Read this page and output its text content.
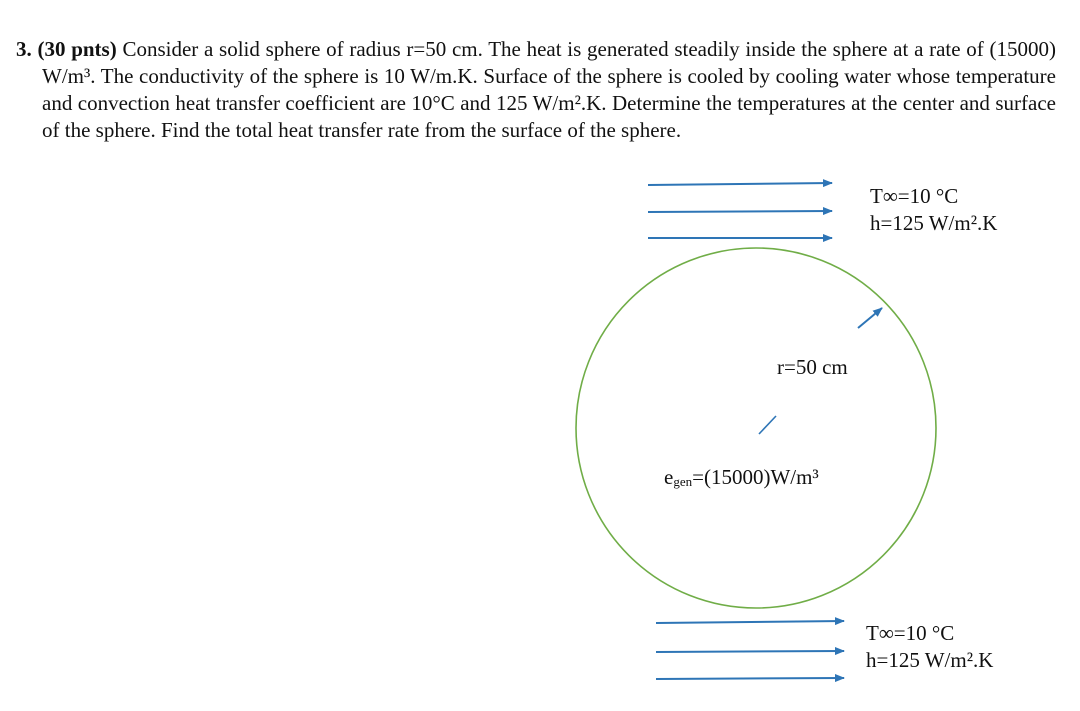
3. (30 pnts) Consider a solid sphere of radius r=50 cm. The heat is generated steadily inside the sphere at a rate of (15000) W/m³. The conductivity of the sphere is 10 W/m.K. Surface of the sphere is cooled by cooling water whose temperature and convection heat transfer coefficient are 10°C and 125 W/m².K. Determine the temperatures at the center and surface of the sphere. Find the total heat transfer rate from the surface of the sphere.
T∞=10 °C
h=125 W/m².K
r=50 cm
$e_{gen}=(15000)W/m^3$
T∞=10 °C
h=125 W/m².K
